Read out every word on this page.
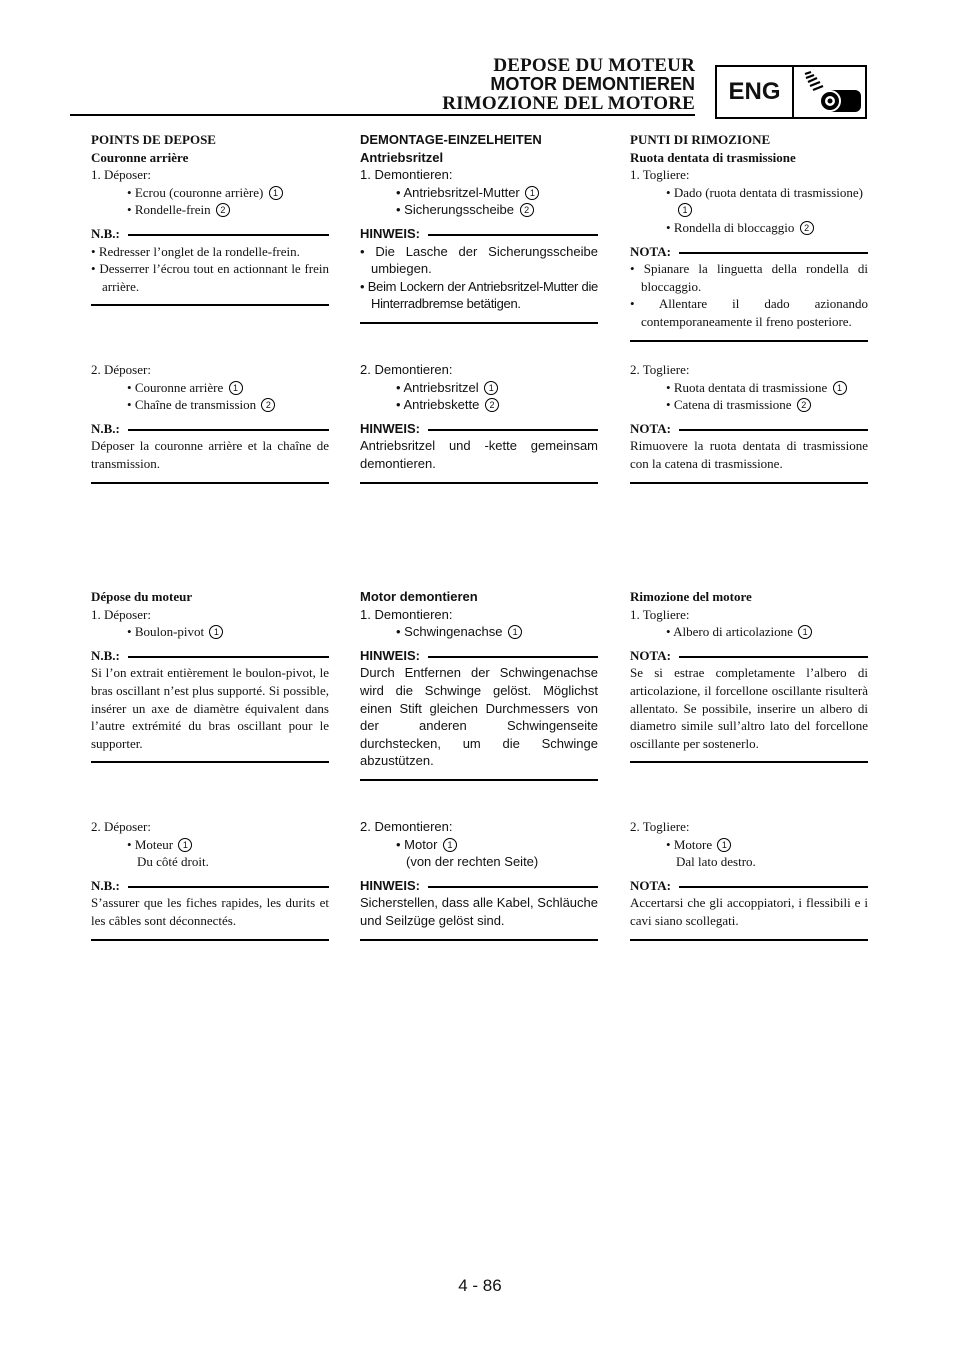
DEPOSE DU MOTEUR
MOTOR DEMONTIEREN
RIMOZIONE DEL MOTORE	ENG

POINTS DE DEPOSE

Couronne arrière

1. Déposer:

• Ecrou (couronne arrière) 1

• Rondelle-frein 2

N.B.:

• Redresser l’onglet de la rondelle-frein.

• Desserrer l’écrou tout en actionnant le frein arrière.

2. Déposer:

• Couronne arrière 1

• Chaîne de transmission 2

N.B.:

Déposer la couronne arrière et la chaîne de transmission.

Dépose du moteur

1. Déposer:

• Boulon-pivot 1

N.B.:

Si l’on extrait entièrement le boulon-pivot, le bras oscillant n’est plus supporté. Si possible, insérer un axe de diamètre équivalent dans l’autre extrémité du bras oscillant pour le supporter.

2. Déposer:

• Moteur 1

Du côté droit.

N.B.:

S’assurer que les fiches rapides, les durits et les câbles sont déconnectés.

DEMONTAGE-EINZELHEITEN

Antriebsritzel

1. Demontieren:

• Antriebsritzel-Mutter 1

• Sicherungsscheibe 2

HINWEIS:

• Die Lasche der Sicherungsscheibe umbiegen.

• Beim Lockern der Antriebsritzel-Mutter die Hinterradbremse betätigen.

2. Demontieren:

• Antriebsritzel 1

• Antriebskette 2

HINWEIS:

Antriebsritzel und -kette gemeinsam demontieren.

Motor demontieren

1. Demontieren:

• Schwingenachse 1

HINWEIS:

Durch Entfernen der Schwingenachse wird die Schwinge gelöst. Möglichst einen Stift gleichen Durchmessers von der anderen Schwingenseite durchstecken, um die Schwinge abzustützen.

2. Demontieren:

• Motor 1

(von der rechten Seite)

HINWEIS:

Sicherstellen, dass alle Kabel, Schläuche und Seilzüge gelöst sind.

PUNTI DI RIMOZIONE

Ruota dentata di trasmissione

1. Togliere:

• Dado (ruota dentata di trasmissione) 1

• Rondella di bloccaggio 2

NOTA:

• Spianare la linguetta della rondella di bloccaggio.

• Allentare il dado azionando contemporaneamente il freno posteriore.

2. Togliere:

• Ruota dentata di trasmissione 1

• Catena di trasmissione 2

NOTA:

Rimuovere la ruota dentata di trasmissione con la catena di trasmissione.

Rimozione del motore

1. Togliere:

• Albero di articolazione 1

NOTA:

Se si estrae completamente l’albero di articolazione, il forcellone oscillante risulterà allentato. Se possibile, inserire un albero di diametro simile sull’altro lato del forcellone oscillante per sostenerlo.

2. Togliere:

• Motore 1

Dal lato destro.

NOTA:

Accertarsi che gli accoppiatori, i flessibili e i cavi siano scollegati.

4 - 86
